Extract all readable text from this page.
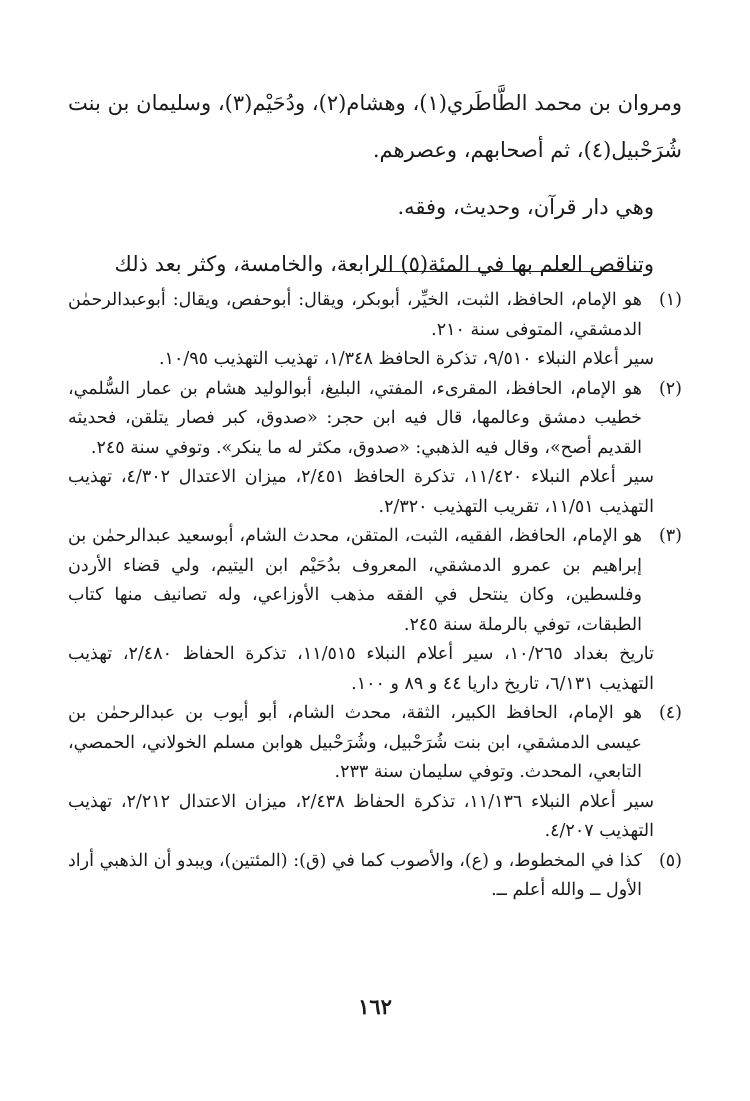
ومروان بن محمد الطَّاطَري(١)، وهشام(٢)، ودُحَيْم(٣)، وسليمان بن بنت شُرَحْبيل(٤)، ثم أصحابهم، وعصرهم.

وهي دار قرآن، وحديث، وفقه.

وتناقص العلم بها في المئة(٥) الرابعة، والخامسة، وكثر بعد ذلك

(١)
هو الإمام، الحافظ، الثبت، الخيِّر، أبوبكر، ويقال: أبوحفص، ويقال: أبوعبدالرحمٰن الدمشقي، المتوفى سنة ٢١٠.
سير أعلام النبلاء ٩/٥١٠، تذكرة الحافظ ١/٣٤٨، تهذيب التهذيب ١٠/٩٥.
(٢)
هو الإمام، الحافظ، المقرىء، المفتي، البليغ، أبوالوليد هشام بن عمار السُّلمي، خطيب دمشق وعالمها، قال فيه ابن حجر: «صدوق، كبر فصار يتلقن، فحديثه القديم أصح»، وقال فيه الذهبي: «صدوق، مكثر له ما ينكر». وتوفي سنة ٢٤٥.
سير أعلام النبلاء ١١/٤٢٠، تذكرة الحافظ ٢/٤٥١، ميزان الاعتدال ٤/٣٠٢، تهذيب التهذيب ١١/٥١، تقريب التهذيب ٢/٣٢٠.
(٣)
هو الإمام، الحافظ، الفقيه، الثبت، المتقن، محدث الشام، أبوسعيد عبدالرحمٰن بن إبراهيم بن عمرو الدمشقي، المعروف بدُحَيْم ابن اليتيم، ولي قضاء الأردن وفلسطين، وكان ينتحل في الفقه مذهب الأوزاعي، وله تصانيف منها كتاب الطبقات، توفي بالرملة سنة ٢٤٥.
تاريخ بغداد ١٠/٢٦٥، سير أعلام النبلاء ١١/٥١٥، تذكرة الحفاظ ٢/٤٨٠، تهذيب التهذيب ٦/١٣١، تاريخ داريا ٤٤ و ٨٩ و ١٠٠.
(٤)
هو الإمام، الحافظ الكبير، الثقة، محدث الشام، أبو أيوب بن عبدالرحمٰن بن عيسى الدمشقي، ابن بنت شُرَحْبيل، وشُرَحْبيل هوابن مسلم الخولاني، الحمصي، التابعي، المحدث. وتوفي سليمان سنة ٢٣٣.
سير أعلام النبلاء ١١/١٣٦، تذكرة الحفاظ ٢/٤٣٨، ميزان الاعتدال ٢/٢١٢، تهذيب التهذيب ٤/٢٠٧.
(٥)
كذا في المخطوط، و (ع)، والأصوب كما في (ق): (المئتين)، ويبدو أن الذهبي أراد الأول ــ والله أعلم ــ.
١٦٢
